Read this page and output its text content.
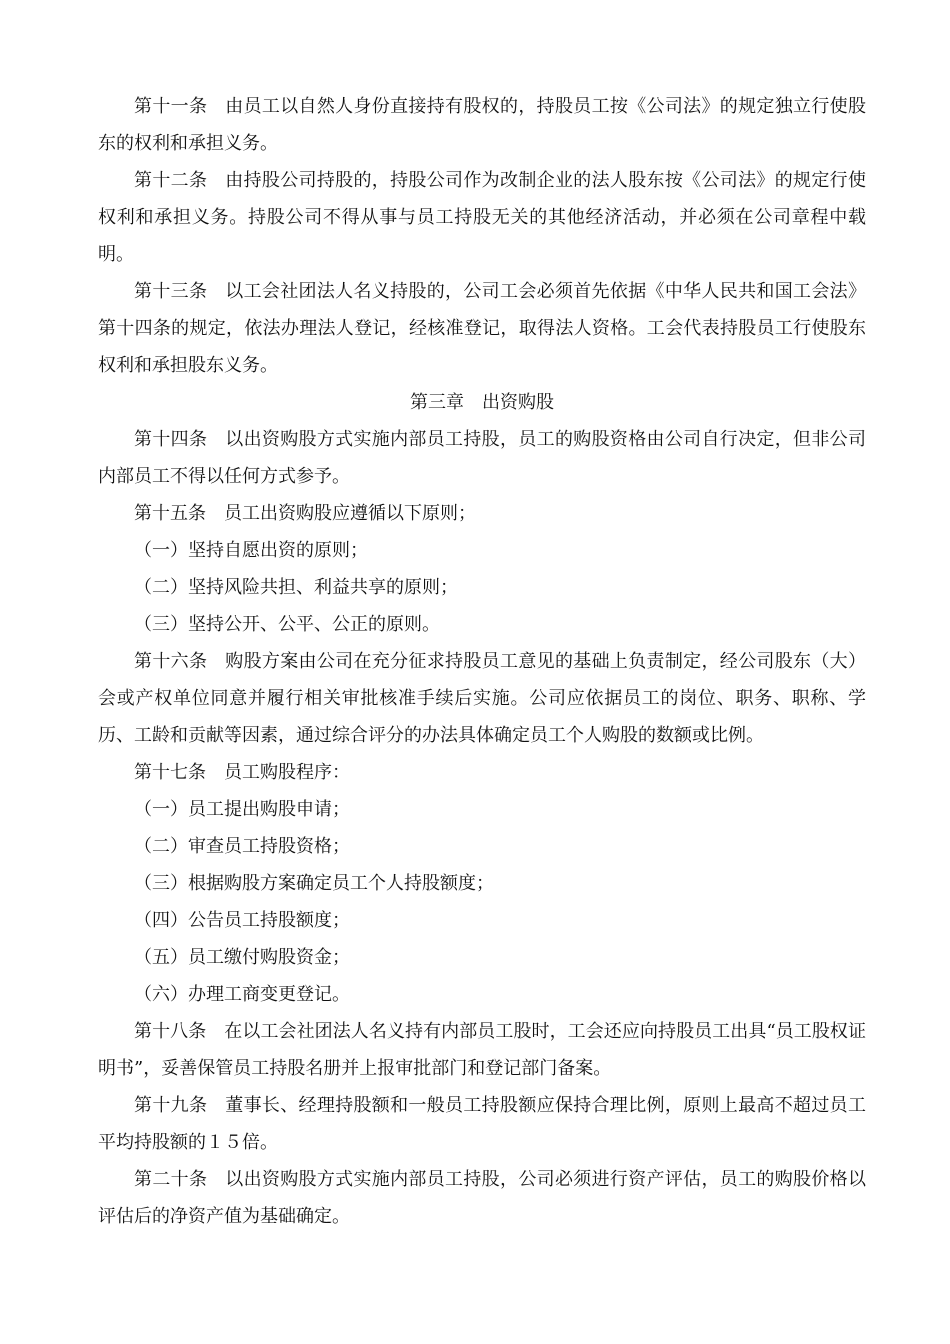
第十一条 由员工以自然人身份直接持有股权的，持股员工按《公司法》的规定独立行使股东的权利和承担义务。

第十二条 由持股公司持股的，持股公司作为改制企业的法人股东按《公司法》的规定行使权利和承担义务。持股公司不得从事与员工持股无关的其他经济活动，并必须在公司章程中载明。

第十三条 以工会社团法人名义持股的，公司工会必须首先依据《中华人民共和国工会法》第十四条的规定，依法办理法人登记，经核准登记，取得法人资格。工会代表持股员工行使股东权利和承担股东义务。

第三章　出资购股

第十四条 以出资购股方式实施内部员工持股，员工的购股资格由公司自行决定，但非公司内部员工不得以任何方式参予。

第十五条 员工出资购股应遵循以下原则；

（一）坚持自愿出资的原则；

（二）坚持风险共担、利益共享的原则；

（三）坚持公开、公平、公正的原则。

第十六条 购股方案由公司在充分征求持股员工意见的基础上负责制定，经公司股东（大）会或产权单位同意并履行相关审批核准手续后实施。公司应依据员工的岗位、职务、职称、学历、工龄和贡献等因素，通过综合评分的办法具体确定员工个人购股的数额或比例。

第十七条 员工购股程序：

（一）员工提出购股申请；

（二）审查员工持股资格；

（三）根据购股方案确定员工个人持股额度；

（四）公告员工持股额度；

（五）员工缴付购股资金；

（六）办理工商变更登记。

第十八条 在以工会社团法人名义持有内部员工股时，工会还应向持股员工出具“员工股权证明书”，妥善保管员工持股名册并上报审批部门和登记部门备案。

第十九条 董事长、经理持股额和一般员工持股额应保持合理比例，原则上最高不超过员工平均持股额的１５倍。

第二十条 以出资购股方式实施内部员工持股，公司必须进行资产评估，员工的购股价格以评估后的净资产值为基础确定。
